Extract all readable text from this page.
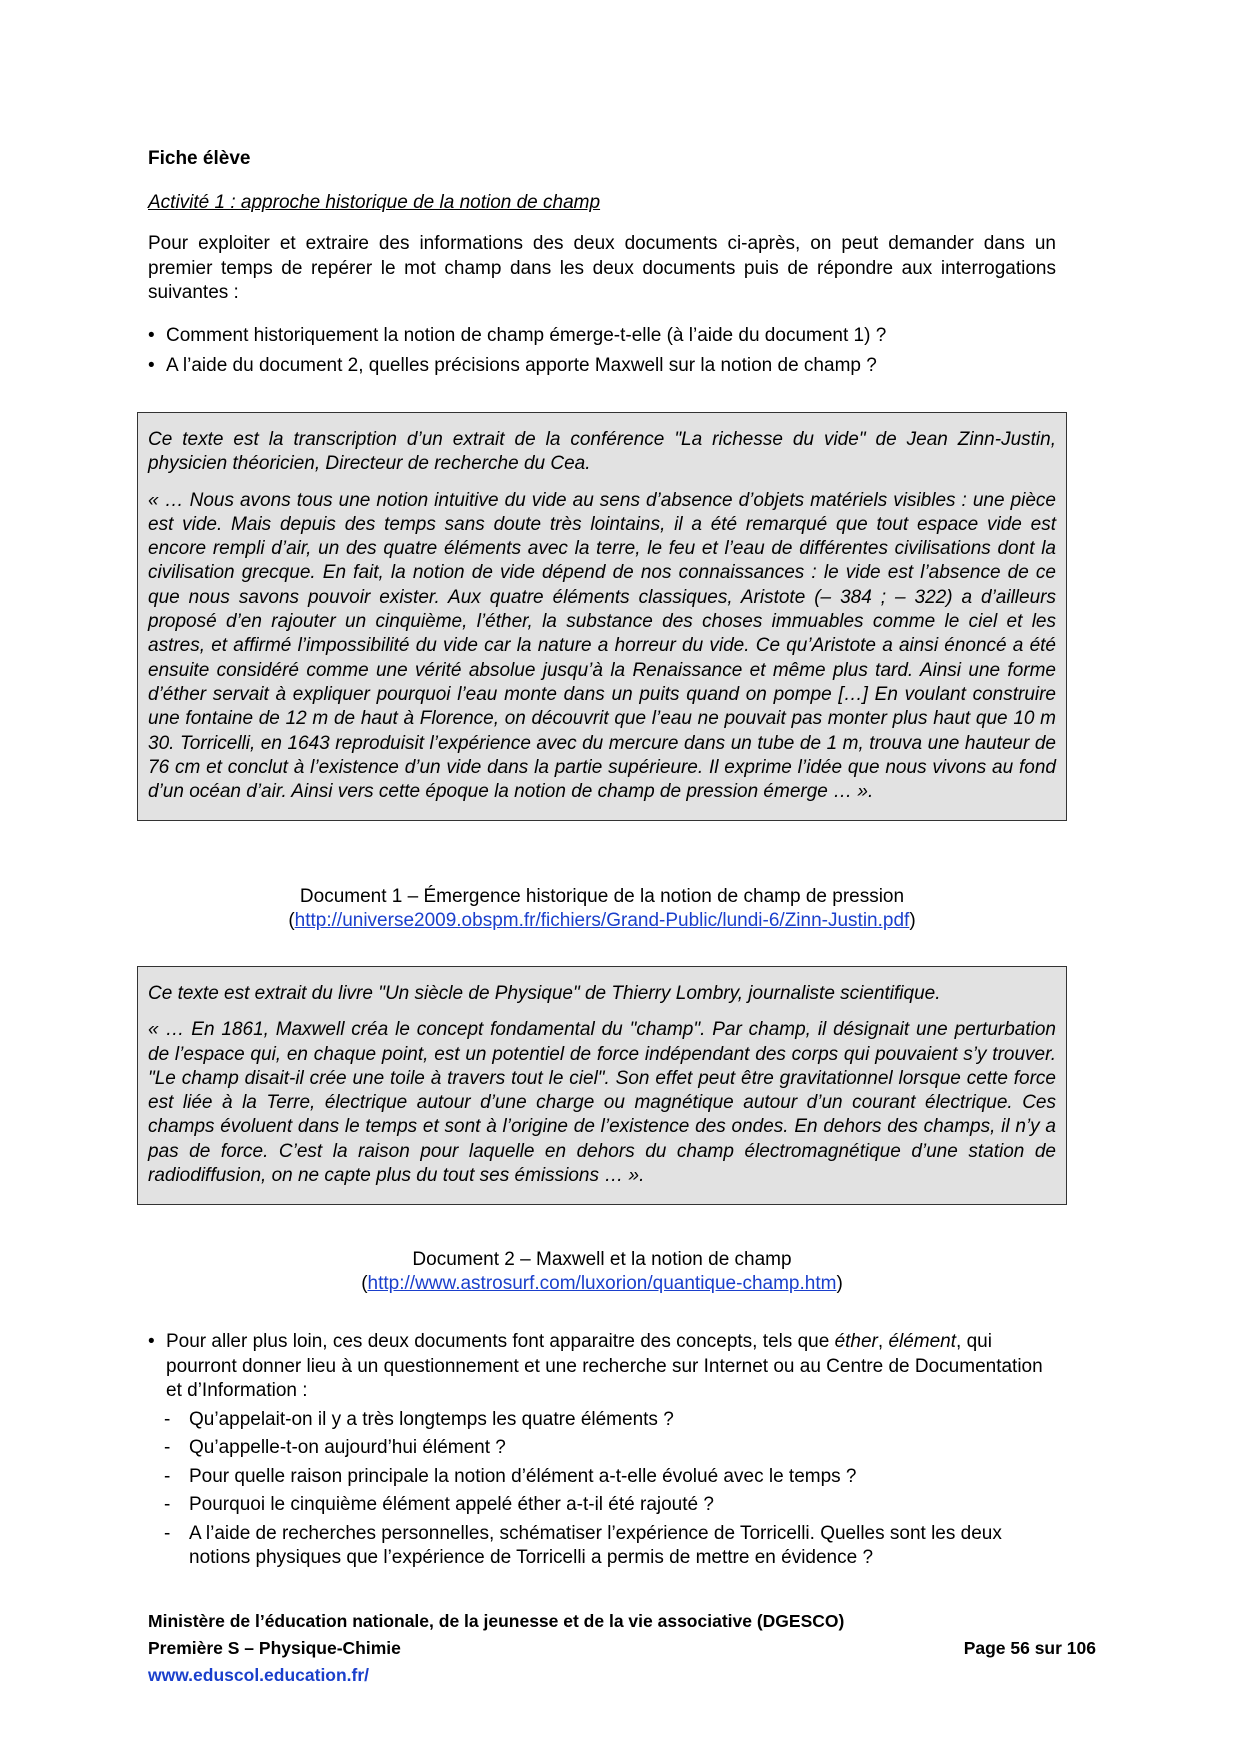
Fiche élève
Activité 1 : approche historique de la notion de champ

Pour exploiter et extraire des informations des deux documents ci-après, on peut demander dans un premier temps de repérer le mot champ dans les deux documents puis de répondre aux interrogations suivantes :

• Comment historiquement la notion de champ émerge-t-elle (à l’aide du document 1) ?
• A l’aide du document 2, quelles précisions apporte Maxwell sur la notion de champ ?

Ce texte est la transcription d’un extrait de la conférence "La richesse du vide" de Jean Zinn-Justin, physicien théoricien, Directeur de recherche du Cea.

« … Nous avons tous une notion intuitive du vide au sens d’absence d’objets matériels visibles : une pièce est vide. Mais depuis des temps sans doute très lointains, il a été remarqué que tout espace vide est encore rempli d’air, un des quatre éléments avec la terre, le feu et l’eau de différentes civilisations dont la civilisation grecque. En fait, la notion de vide dépend de nos connaissances : le vide est l’absence de ce que nous savons pouvoir exister. Aux quatre éléments classiques, Aristote (– 384 ; – 322) a d’ailleurs proposé d’en rajouter un cinquième, l’éther, la substance des choses immuables comme le ciel et les astres, et affirmé l’impossibilité du vide car la nature a horreur du vide. Ce qu’Aristote a ainsi énoncé a été ensuite considéré comme une vérité absolue jusqu’à la Renaissance et même plus tard. Ainsi une forme d’éther servait à expliquer pourquoi l’eau monte dans un puits quand on pompe […] En voulant construire une fontaine de 12 m de haut à Florence, on découvrit que l’eau ne pouvait pas monter plus haut que 10 m 30. Torricelli, en 1643 reproduisit l’expérience avec du mercure dans un tube de 1 m, trouva une hauteur de 76 cm et conclut à l’existence d’un vide dans la partie supérieure. Il exprime l’idée que nous vivons au fond d’un océan d’air. Ainsi vers cette époque la notion de champ de pression émerge … ».

Document 1 – Émergence historique de la notion de champ de pression
(http://universe2009.obspm.fr/fichiers/Grand-Public/lundi-6/Zinn-Justin.pdf)

Ce texte est extrait du livre "Un siècle de Physique" de Thierry Lombry, journaliste scientifique.

« … En 1861, Maxwell créa le concept fondamental du "champ". Par champ, il désignait une perturbation de l’espace qui, en chaque point, est un potentiel de force indépendant des corps qui pouvaient s’y trouver. "Le champ disait-il crée une toile à travers tout le ciel". Son effet peut être gravitationnel lorsque cette force est liée à la Terre, électrique autour d’une charge ou magnétique autour d’un courant électrique. Ces champs évoluent dans le temps et sont à l’origine de l’existence des ondes. En dehors des champs, il n’y a pas de force. C’est la raison pour laquelle en dehors du champ électromagnétique d’une station de radiodiffusion, on ne capte plus du tout ses émissions … ».

Document 2 – Maxwell et la notion de champ
(http://www.astrosurf.com/luxorion/quantique-champ.htm)
• Pour aller plus loin, ces deux documents font apparaitre des concepts, tels que éther, élément, qui pourront donner lieu à un questionnement et une recherche sur Internet ou au Centre de Documentation et d’Information :
- Qu’appelait-on il y a très longtemps les quatre éléments ?
- Qu’appelle-t-on aujourd’hui élément ?
- Pour quelle raison principale la notion d’élément a-t-elle évolué avec le temps ?
- Pourquoi le cinquième élément appelé éther a-t-il été rajouté ?
- A l’aide de recherches personnelles, schématiser l’expérience de Torricelli. Quelles sont les deux notions physiques que l’expérience de Torricelli a permis de mettre en évidence ?
Ministère de l’éducation nationale, de la jeunesse et de la vie associative (DGESCO)
Première S – Physique-Chimie	Page 56 sur 106
www.eduscol.education.fr/
